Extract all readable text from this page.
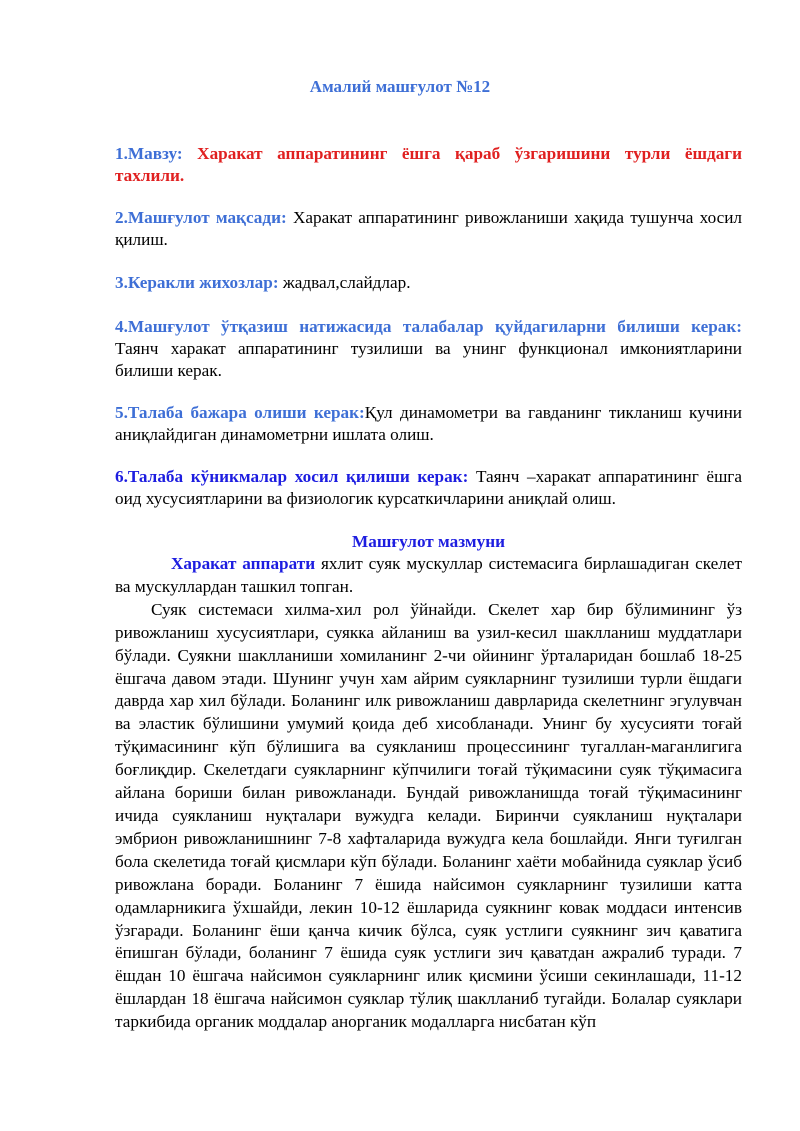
Амалий машғулот №12
1.Мавзу: Харакат аппаратининг ёшга қараб ўзгаришини турли ёшдаги тахлили.
2.Машғулот мақсади: Харакат аппаратининг ривожланиши хақида тушунча хосил қилиш.
3.Керакли жихозлар: жадвал,слайдлар.
4.Машғулот ўтқазиш натижасида талабалар қуйдагиларни билиши керак: Таянч харакат аппаратининг тузилиши ва унинг функционал имкониятларини билиши керак.
5.Талаба бажара олиши керак:Қул динамометри ва гавданинг тикланиш кучини аниқлайдиган динамометрни ишлата олиш.
6.Талаба кўникмалар хосил қилиши керак: Таянч –харакат аппаратининг ёшга оид хусусиятларини ва физиологик курсаткичларини аниқлай олиш.
Машғулот мазмуни

Харакат аппарати яхлит суяк мускуллар системасига бирлашадиган скелет ва мускуллардан ташкил топган.

Суяк системаси хилма-хил рол ўйнайди. Скелет хар бир бўлимининг ўз ривожланиш хусусиятлари, суякка айланиш ва узил-кесил шаклланиш муддатлари бўлади. Суякни шаклланиши хомиланинг 2-чи ойининг ўрталаридан бошлаб 18-25 ёшгача давом этади. Шунинг учун хам айрим суякларнинг тузилиши турли ёшдаги даврда хар хил бўлади. Боланинг илк ривожланиш даврларида скелетнинг эгулувчан ва эластик бўлишини умумий қоида деб хисобланади. Унинг бу хусусияти тоғай тўқимасининг кўп бўлишига ва суякланиш процессининг тугаллан-маганлигига боғлиқдир. Скелетдаги суякларнинг кўпчилиги тоғай тўқимасини суяк тўқимасига айлана бориши билан ривожланади. Бундай ривожланишда тоғай тўқимасининг ичида суякланиш нуқталари вужудга келади. Биринчи суякланиш нуқталари эмбрион ривожланишнинг 7-8 хафталарида вужудга кела бошлайди. Янги туғилган бола скелетида тоғай қисмлари кўп бўлади. Боланинг хаёти мобайнида суяклар ўсиб ривожлана боради. Боланинг 7 ёшида найсимон суякларнинг тузилиши катта одамларникига ўхшайди, лекин 10-12 ёшларида суякнинг ковак моддаси интенсив ўзгаради. Боланинг ёши қанча кичик бўлса, суяк устлиги суякнинг зич қаватига ёпишган бўлади, боланинг 7 ёшида суяк устлиги зич қаватдан ажралиб туради. 7 ёшдан 10 ёшгача найсимон суякларнинг илик қисмини ўсиши секинлашади, 11-12 ёшлардан 18 ёшгача найсимон суяклар тўлиқ шаклланиб тугайди. Болалар суяклари таркибида органик моддалар анорганик модалларга нисбатан кўп
